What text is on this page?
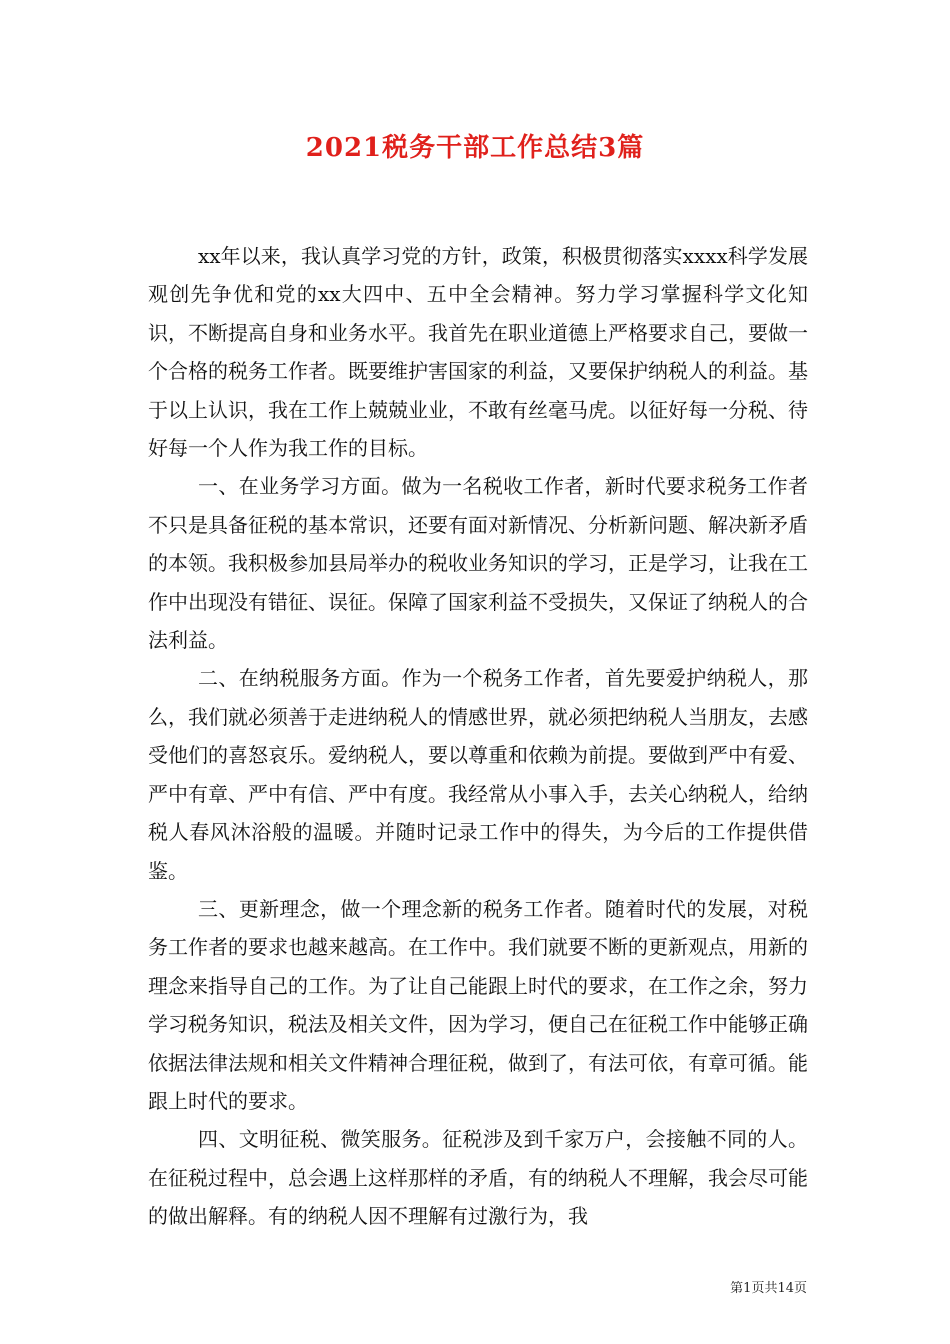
2021税务干部工作总结3篇

xx年以来，我认真学习党的方针，政策，积极贯彻落实xxxx科学发展观创先争优和党的xx大四中、五中全会精神。努力学习掌握科学文化知识，不断提高自身和业务水平。我首先在职业道德上严格要求自己，要做一个合格的税务工作者。既要维护害国家的利益，又要保护纳税人的利益。基于以上认识，我在工作上兢兢业业，不敢有丝毫马虎。以征好每一分税、待好每一个人作为我工作的目标。

一、在业务学习方面。做为一名税收工作者，新时代要求税务工作者不只是具备征税的基本常识，还要有面对新情况、分析新问题、解决新矛盾的本领。我积极参加县局举办的税收业务知识的学习，正是学习，让我在工作中出现没有错征、误征。保障了国家利益不受损失，又保证了纳税人的合法利益。

二、在纳税服务方面。作为一个税务工作者，首先要爱护纳税人，那么，我们就必须善于走进纳税人的情感世界，就必须把纳税人当朋友，去感受他们的喜怒哀乐。爱纳税人，要以尊重和依赖为前提。要做到严中有爱、严中有章、严中有信、严中有度。我经常从小事入手，去关心纳税人，给纳税人春风沐浴般的温暖。并随时记录工作中的得失，为今后的工作提供借鉴。

三、更新理念，做一个理念新的税务工作者。随着时代的发展，对税务工作者的要求也越来越高。在工作中。我们就要不断的更新观点，用新的理念来指导自己的工作。为了让自己能跟上时代的要求，在工作之余，努力学习税务知识，税法及相关文件，因为学习，便自己在征税工作中能够正确依据法律法规和相关文件精神合理征税，做到了，有法可依，有章可循。能跟上时代的要求。

四、文明征税、微笑服务。征税涉及到千家万户，会接触不同的人。在征税过程中，总会遇上这样那样的矛盾，有的纳税人不理解，我会尽可能的做出解释。有的纳税人因不理解有过激行为，我

第1页共14页
